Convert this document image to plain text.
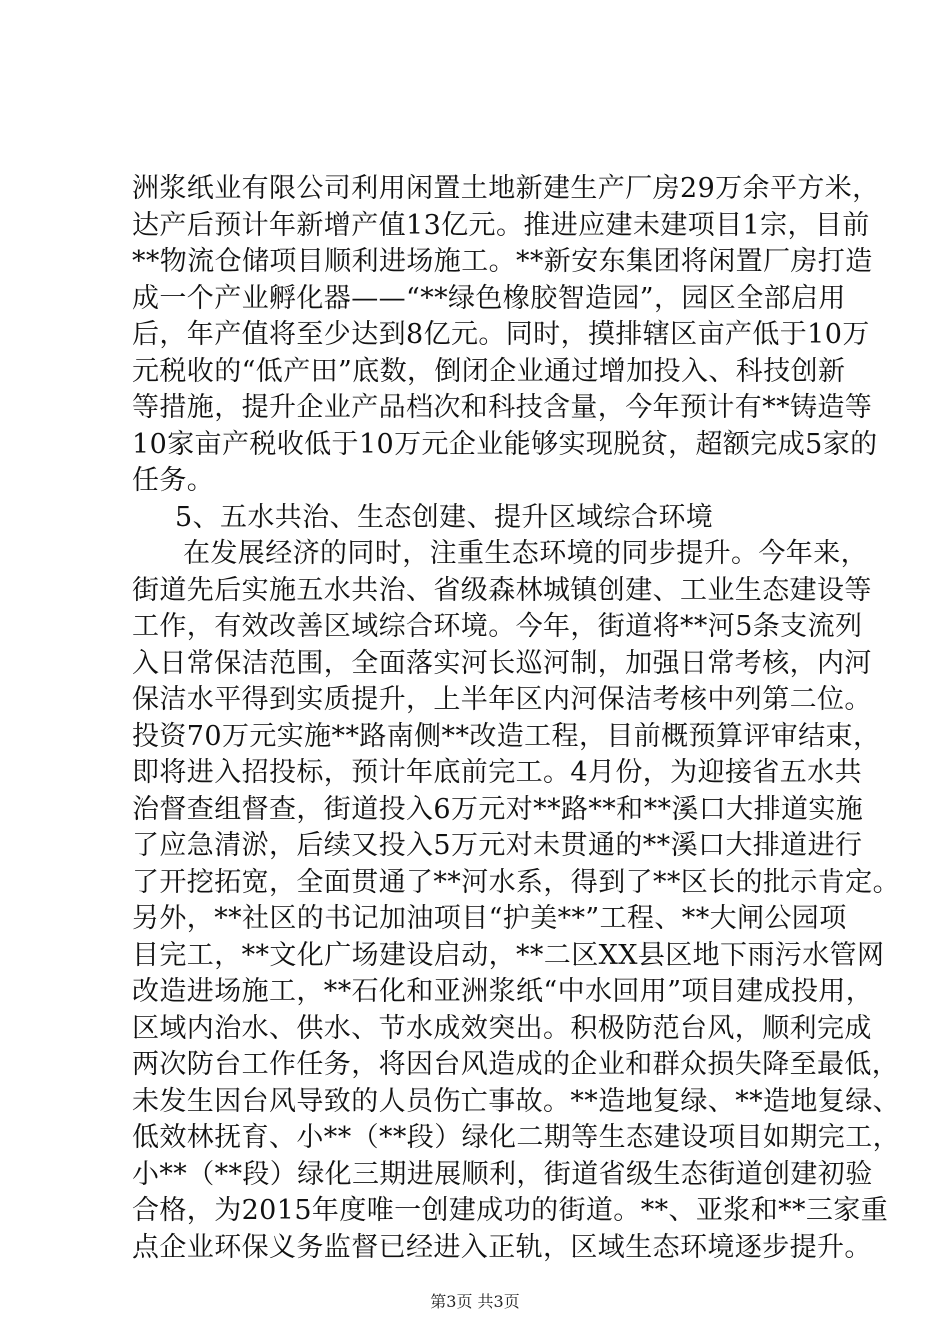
洲浆纸业有限公司利用闲置土地新建生产厂房29万余平方米，
达产后预计年新增产值13亿元。推进应建未建项目1宗，目前
**物流仓储项目顺利进场施工。**新安东集团将闲置厂房打造
成一个产业孵化器——“**绿色橡胶智造园”，园区全部启用
后，年产值将至少达到8亿元。同时，摸排辖区亩产低于10万
元税收的“低产田”底数，倒闭企业通过增加投入、科技创新
等措施，提升企业产品档次和科技含量，今年预计有**铸造等
10家亩产税收低于10万元企业能够实现脱贫，超额完成5家的
任务。
5、五水共治、生态创建、提升区域综合环境
在发展经济的同时，注重生态环境的同步提升。今年来，
街道先后实施五水共治、省级森林城镇创建、工业生态建设等
工作，有效改善区域综合环境。今年，街道将**河5条支流列
入日常保洁范围，全面落实河长巡河制，加强日常考核，内河
保洁水平得到实质提升，上半年区内河保洁考核中列第二位。
投资70万元实施**路南侧**改造工程，目前概预算评审结束，
即将进入招投标，预计年底前完工。4月份，为迎接省五水共
治督查组督查，街道投入6万元对**路**和**溪口大排道实施
了应急清淤，后续又投入5万元对未贯通的**溪口大排道进行
了开挖拓宽，全面贯通了**河水系，得到了**区长的批示肯定。
另外，**社区的书记加油项目“护美**”工程、**大闸公园项
目完工，**文化广场建设启动，**二区XX县区地下雨污水管网
改造进场施工，**石化和亚洲浆纸“中水回用”项目建成投用，
区域内治水、供水、节水成效突出。积极防范台风，顺利完成
两次防台工作任务，将因台风造成的企业和群众损失降至最低，
未发生因台风导致的人员伤亡事故。**造地复绿、**造地复绿、
低效林抚育、小**（**段）绿化二期等生态建设项目如期完工，
小**（**段）绿化三期进展顺利，街道省级生态街道创建初验
合格，为2015年度唯一创建成功的街道。**、亚浆和**三家重
点企业环保义务监督已经进入正轨，区域生态环境逐步提升。
第3页 共3页
